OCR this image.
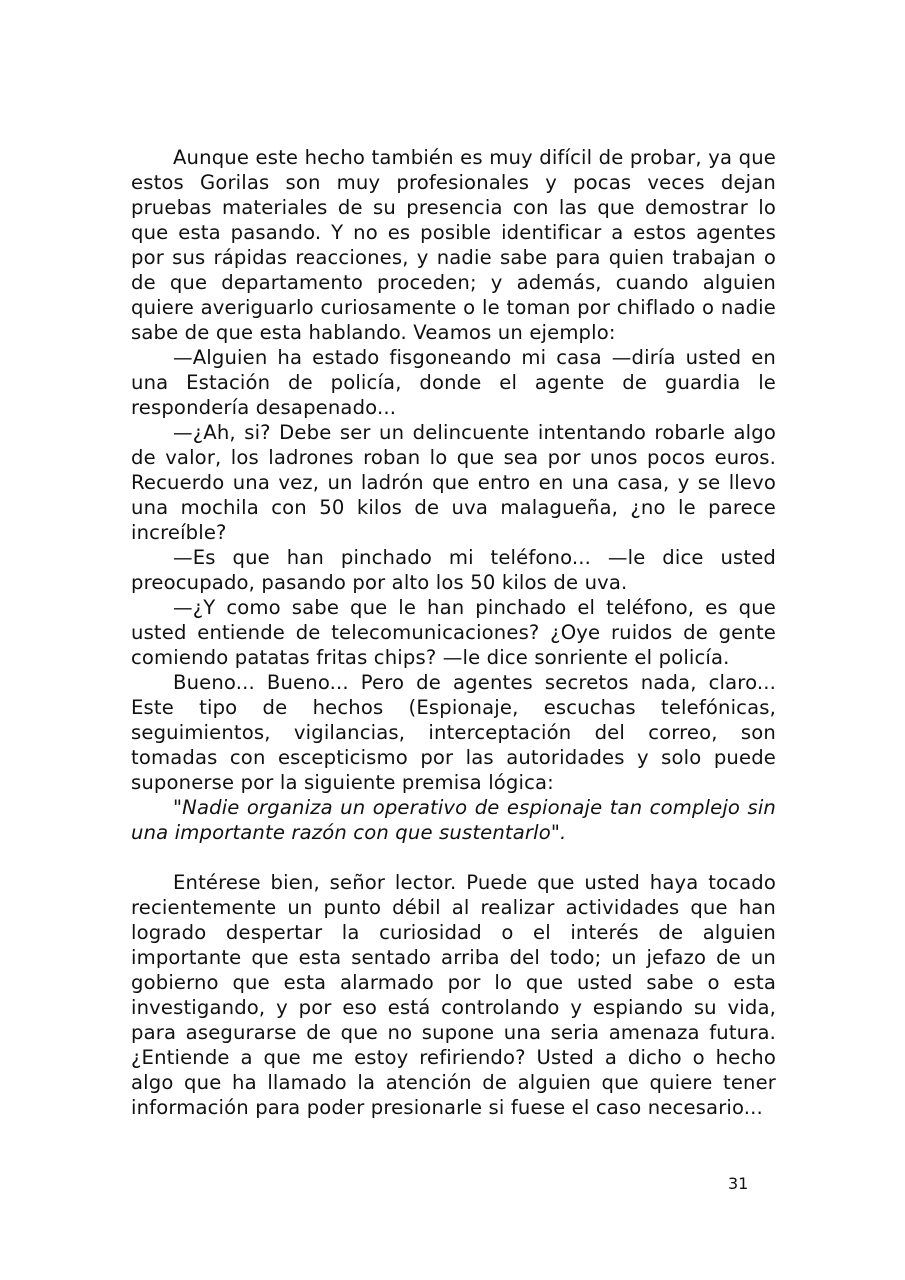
Aunque este hecho también es muy difícil de probar, ya que estos Gorilas son muy profesionales y pocas veces dejan pruebas materiales de su presencia con las que demostrar lo que esta pasando. Y no es posible identificar a estos agentes por sus rápidas reacciones, y nadie sabe para quien trabajan o de que departamento proceden; y además, cuando alguien quiere averiguarlo curiosamente o le toman por chiflado o nadie sabe de que esta hablando. Veamos un ejemplo:

—Alguien ha estado fisgoneando mi casa —diría usted en una Estación de policía, donde el agente de guardia le respondería desapenado...

—¿Ah, si? Debe ser un delincuente intentando robarle algo de valor, los ladrones roban lo que sea por unos pocos euros. Recuerdo una vez, un ladrón que entro en una casa, y se llevo una mochila con 50 kilos de uva malagueña, ¿no le parece increíble?

—Es que han pinchado mi teléfono... —le dice usted preocupado, pasando por alto los 50 kilos de uva.

—¿Y como sabe que le han pinchado el teléfono, es que usted entiende de telecomunicaciones? ¿Oye ruidos de gente comiendo patatas fritas chips? —le dice sonriente el policía.

Bueno... Bueno... Pero de agentes secretos nada, claro... Este tipo de hechos (Espionaje, escuchas telefónicas, seguimientos, vigilancias, interceptación del correo, son tomadas con escepticismo por las autoridades y solo puede suponerse por la siguiente premisa lógica:

"Nadie organiza un operativo de espionaje tan complejo sin una importante razón con que sustentarlo".

Entérese bien, señor lector. Puede que usted haya tocado recientemente un punto débil al realizar actividades que han logrado despertar la curiosidad o el interés de alguien importante que esta sentado arriba del todo; un jefazo de un gobierno que esta alarmado por lo que usted sabe o esta investigando, y por eso está controlando y espiando su vida, para asegurarse de que no supone una seria amenaza futura. ¿Entiende a que me estoy refiriendo? Usted a dicho o hecho algo que ha llamado la atención de alguien que quiere tener información para poder presionarle si fuese el caso necesario...

31
